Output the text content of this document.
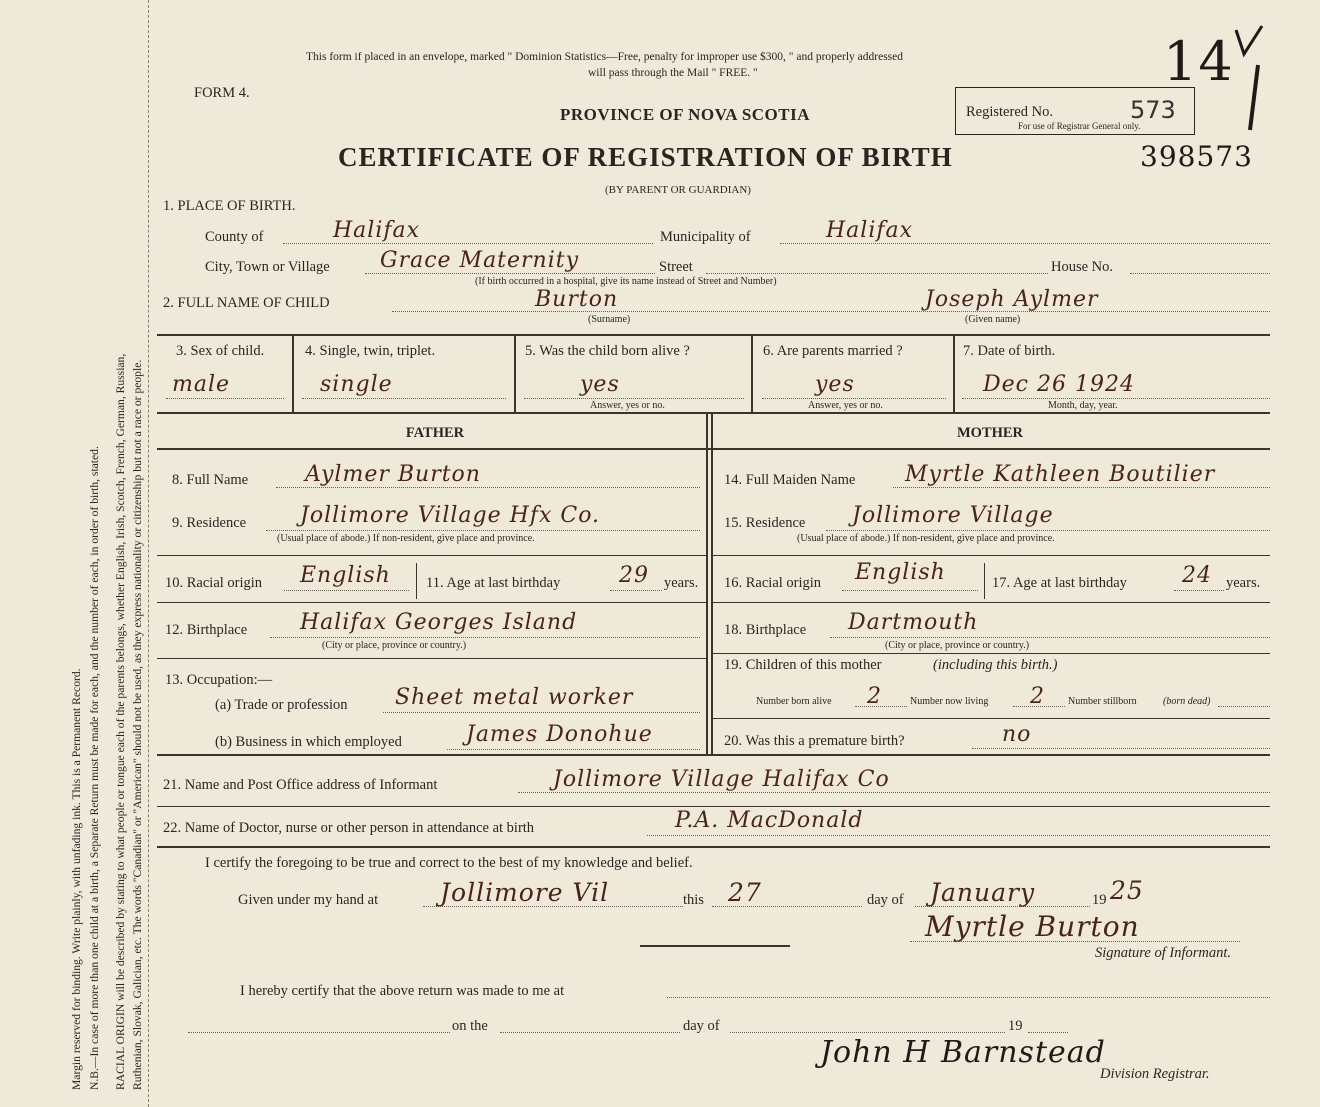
Margin reserved for binding. Write plainly, with unfading ink. This is a Permanent Record. N.B.—In case of more than one child at a birth, a Separate Return must be made for each, and the number of each, in order of birth, stated. RACIAL ORIGIN will be described by stating to what people or tongue each of the parents belongs, whether English, Irish, Scotch, French, German, Russian, Ruthenian, Slovak, Galician, etc. The words "Canadian" or "American" should not be used, as they express nationality or citizenship but not a race or people.
This form if placed in an envelope, marked " Dominion Statistics—Free, penalty for improper use $300, " and properly addressed
will pass through the Mail " FREE. "
FORM 4.
PROVINCE OF NOVA SCOTIA
CERTIFICATE OF REGISTRATION OF BIRTH
(BY PARENT OR GUARDIAN)
Registered No.	573
For use of Registrar General only.
14
398573
1. PLACE OF BIRTH.
County of	Halifax	Municipality of	Halifax
City, Town or Village Grace Maternity	Street	House No.
(If birth occurred in a hospital, give its name instead of Street and Number)
2. FULL NAME OF CHILD	Burton
(Surname)
Joseph Aylmer
(Given name)
3. Sex of child.
male
4. Single, twin, triplet.
single
5. Was the child born alive ?
yes
Answer, yes or no.
6. Are parents married ?
yes
Answer, yes or no.
7. Date of birth.
Dec 26 1924
Month, day, year.
FATHER	MOTHER
8. Full Name	Aylmer Burton
9. Residence Jollimore Village Hfx Co.
(Usual place of abode.) If non-resident, give place and province.
10. Racial origin English 11. Age at last birthday	29 years.
12. Birthplace Halifax Georges Island
(City or place, province or country.)
13. Occupation:—
(a) Trade or profession Sheet metal worker
(b) Business in which employed	James Donohue
14. Full Maiden Name Myrtle Kathleen Boutilier
15. Residence Jollimore Village
(Usual place of abode.) If non-resident, give place and province.
16. Racial origin English	17. Age at last birthday	24 years.
18. Birthplace Dartmouth
(City or place, province or country.)
19. Children of this mother	(including this birth.)
Number born alive 2	Number now living 2 Number stillborn	(born dead)
20. Was this a premature birth?	no
21. Name and Post Office address of Informant	Jollimore Village Halifax Co
22. Name of Doctor, nurse or other person in attendance at birth	P.A. MacDonald
I certify the foregoing to be true and correct to the best of my knowledge and belief.
Given under my hand at Jollimore Vil	this 27	day of January	19 25
Myrtle Burton
Signature of Informant.
I hereby certify that the above return was made to me at
on the	day of	19
John H Barnstead
Division Registrar.
